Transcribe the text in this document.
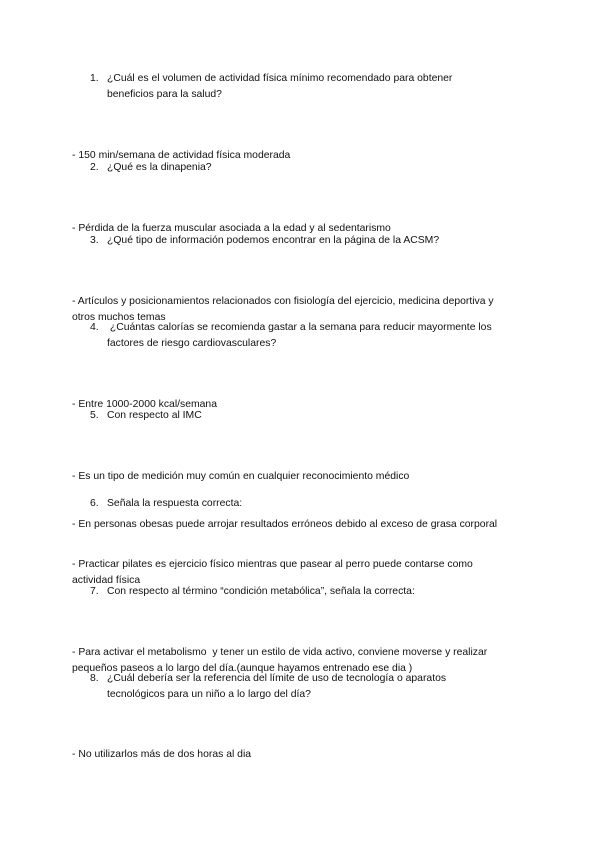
1. ¿Cuál es el volumen de actividad física mínimo recomendado para obtener
beneficios para la salud?

- 150 min/semana de actividad física moderada

2. ¿Qué es la dinapenia?

- Pérdida de la fuerza muscular asociada a la edad y al sedentarismo

3. ¿Qué tipo de información podemos encontrar en la página de la ACSM?

- Artículos y posicionamientos relacionados con fisiología del ejercicio, medicina deportiva y
otros muchos temas

4. ¿Cuántas calorías se recomienda gastar a la semana para reducir mayormente los
factores de riesgo cardiovasculares?

- Entre 1000-2000 kcal/semana

5. Con respecto al IMC

- Es un tipo de medición muy común en cualquier reconocimiento médico

- En personas obesas puede arrojar resultados erróneos debido al exceso de grasa corporal

6. Señala la respuesta correcta:

- Practicar pilates es ejercicio físico mientras que pasear al perro puede contarse como
actividad física

7. Con respecto al término “condición metabólica”, señala la correcta:

- Para activar el metabolismo  y tener un estilo de vida activo, conviene moverse y realizar
pequeños paseos a lo largo del día.(aunque hayamos entrenado ese dia )

8. ¿Cuál debería ser la referencia del límite de uso de tecnología o aparatos
tecnológicos para un niño a lo largo del día?

- No utilizarlos más de dos horas al dia
